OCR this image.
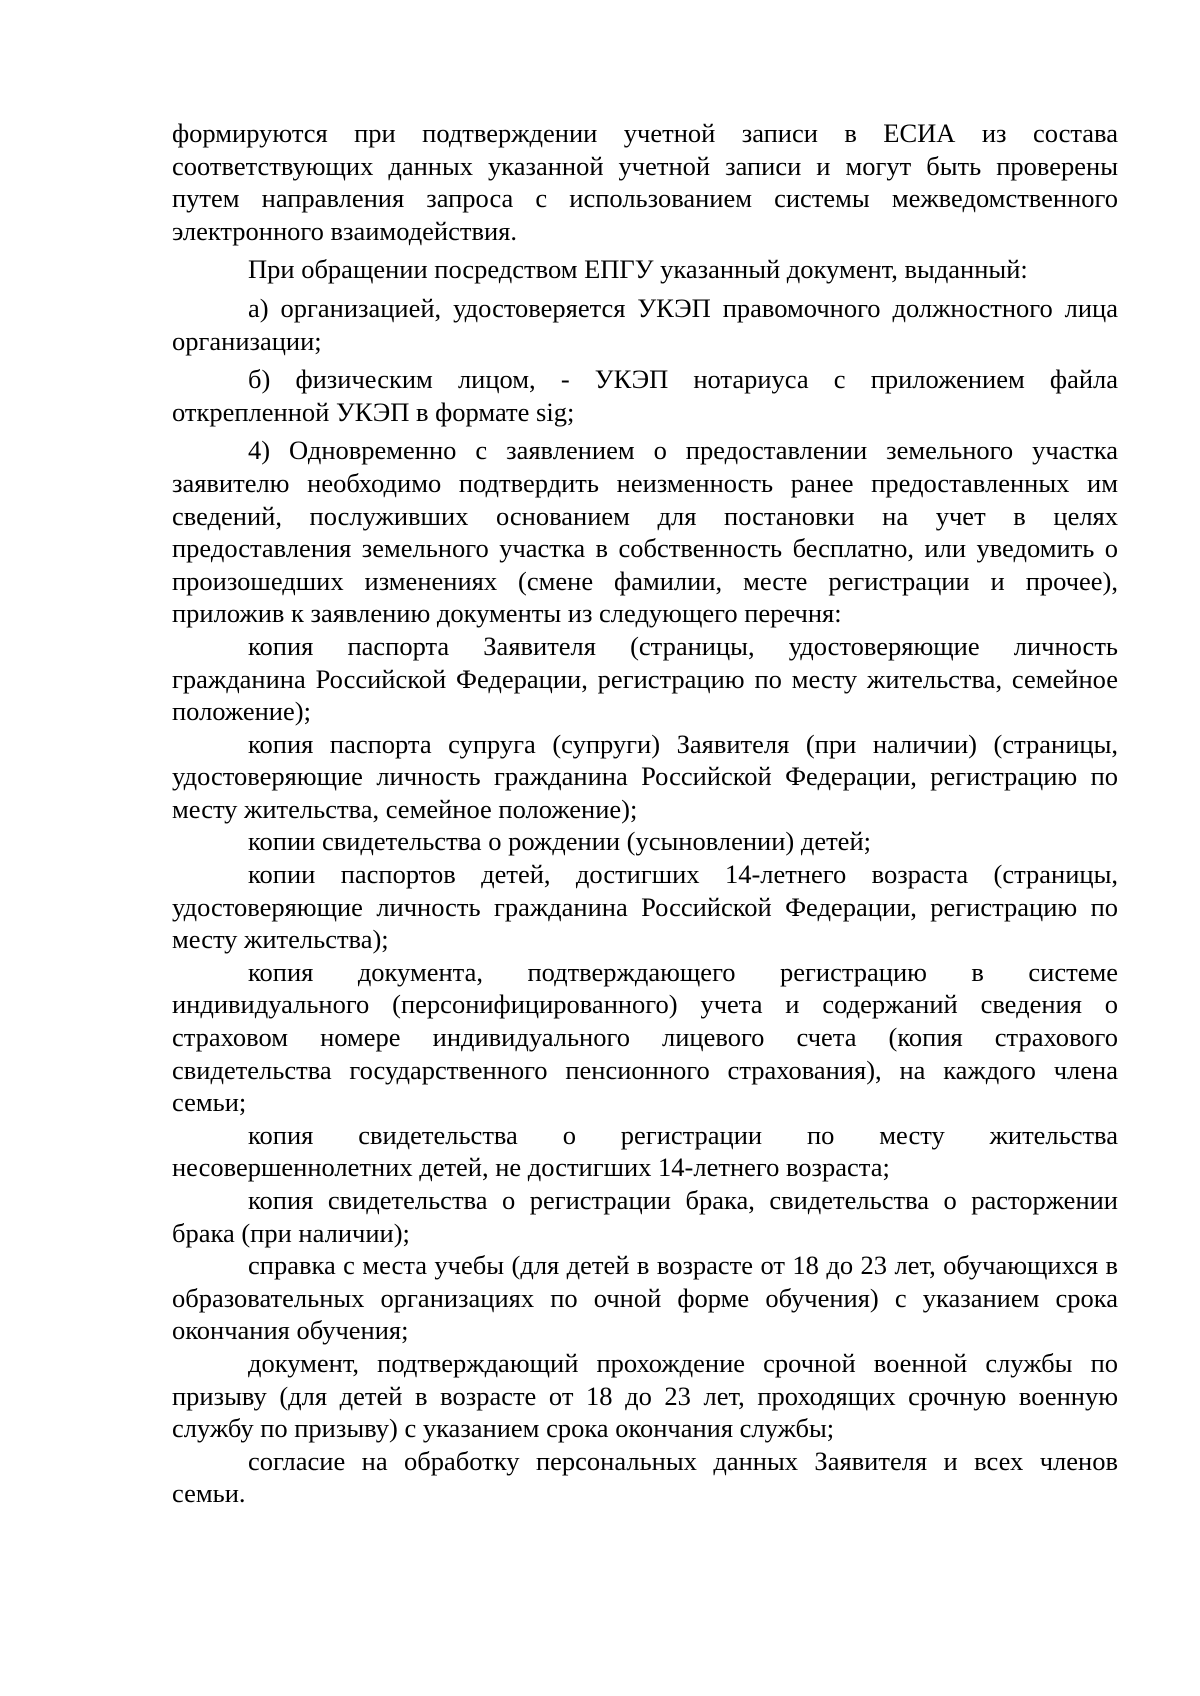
формируются при подтверждении учетной записи в ЕСИА из состава соответствующих данных указанной учетной записи и могут быть проверены путем направления запроса с использованием системы межведомственного электронного взаимодействия.

При обращении посредством ЕПГУ указанный документ, выданный:

а) организацией, удостоверяется УКЭП правомочного должностного лица организации;

б) физическим лицом, - УКЭП нотариуса с приложением файла открепленной УКЭП в формате sig;

4) Одновременно с заявлением о предоставлении земельного участка заявителю необходимо подтвердить неизменность ранее предоставленных им сведений, послуживших основанием для постановки на учет в целях предоставления земельного участка в собственность бесплатно, или уведомить о произошедших изменениях (смене фамилии, месте регистрации и прочее), приложив к заявлению документы из следующего перечня:

копия паспорта Заявителя (страницы, удостоверяющие личность гражданина Российской Федерации, регистрацию по месту жительства, семейное положение);

копия паспорта супруга (супруги) Заявителя (при наличии) (страницы, удостоверяющие личность гражданина Российской Федерации, регистрацию по месту жительства, семейное положение);

копии свидетельства о рождении (усыновлении) детей;

копии паспортов детей, достигших 14-летнего возраста (страницы, удостоверяющие личность гражданина Российской Федерации, регистрацию по месту жительства);

копия документа, подтверждающего регистрацию в системе индивидуального (персонифицированного) учета и содержаний сведения о страховом номере индивидуального лицевого счета (копия страхового свидетельства государственного пенсионного страхования), на каждого члена семьи;

копия свидетельства о регистрации по месту жительства несовершеннолетних детей, не достигших 14-летнего возраста;

копия свидетельства о регистрации брака, свидетельства о расторжении брака (при наличии);

справка с места учебы (для детей в возрасте от 18 до 23 лет, обучающихся в образовательных организациях по очной форме обучения) с указанием срока окончания обучения;

документ, подтверждающий прохождение срочной военной службы по призыву (для детей в возрасте от 18 до 23 лет, проходящих срочную военную службу по призыву) с указанием срока окончания службы;

согласие на обработку персональных данных Заявителя и всех членов семьи.
